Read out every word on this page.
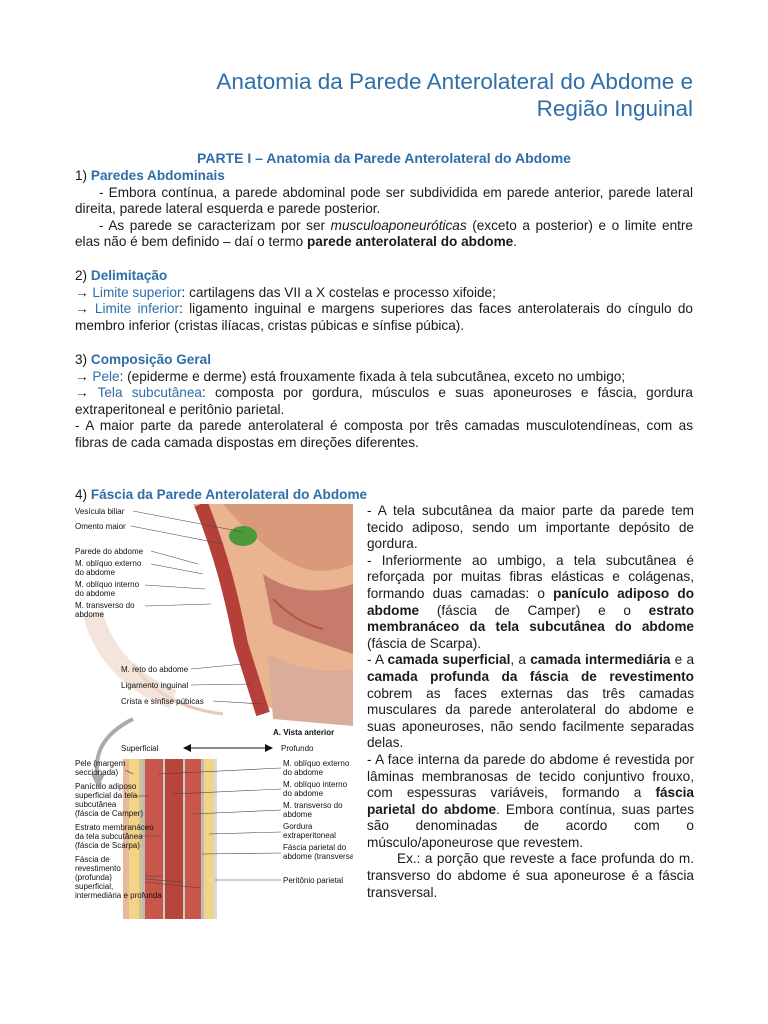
Anatomia da Parede Anterolateral do Abdome e
Região Inguinal
PARTE I – Anatomia da Parede Anterolateral do Abdome
1) Paredes Abdominais
- Embora contínua, a parede abdominal pode ser subdividida em parede anterior, parede lateral direita, parede lateral esquerda e parede posterior.
- As parede se caracterizam por ser musculoaponeuróticas (exceto a posterior) e o limite entre elas não é bem definido – daí o termo parede anterolateral do abdome.
2) Delimitação
→ Limite superior: cartilagens das VII a X costelas e processo xifoide;
→ Limite inferior: ligamento inguinal e margens superiores das faces anterolaterais do cíngulo do membro inferior (cristas ilíacas, cristas púbicas e sínfise púbica).
3) Composição Geral
→ Pele: (epiderme e derme) está frouxamente fixada à tela subcutânea, exceto no umbigo;
→ Tela subcutânea: composta por gordura, músculos e suas aponeuroses e fáscia, gordura extraperitoneal e peritônio parietal.
- A maior parte da parede anterolateral é composta por três camadas musculotendíneas, com as fibras de cada camada dispostas em direções diferentes.
4) Fáscia da Parede Anterolateral do Abdome
Vesícula biliar
Omento maior
Parede do abdome
M. oblíquo externo
do abdome
M. oblíquo interno
do abdome
M. transverso do
abdome
M. reto do abdome
Ligamento inguinal
Crista e sínfise púbicas
A. Vista anterior
Superficial	Profundo
Pele (margem
seccionada)
Panículo adiposo
superficial da tela
subcutânea
(fáscia de Camper)
Estrato membranáceo
da tela subcutânea
(fáscia de Scarpa)
Fáscia de
revestimento
(profunda)
superficial,
intermediária e profunda
M. oblíquo externo
do abdome
M. oblíquo interno
do abdome
M. transverso do
abdome
Gordura
extraperitoneal
Fáscia parietal do
abdome (transversal)
Peritônio parietal
- A tela subcutânea da maior parte da parede tem tecido adiposo, sendo um importante depósito de gordura.
- Inferiormente ao umbigo, a tela subcutânea é reforçada por muitas fibras elásticas e colágenas, formando duas camadas: o panículo adiposo do abdome (fáscia de Camper) e o estrato membranáceo da tela subcutânea do abdome (fáscia de Scarpa).
- A camada superficial, a camada intermediária e a camada profunda da fáscia de revestimento cobrem as faces externas das três camadas musculares da parede anterolateral do abdome e suas aponeuroses, não sendo facilmente separadas delas.
- A face interna da parede do abdome é revestida por lâminas membranosas de tecido conjuntivo frouxo, com espessuras variáveis, formando a fáscia parietal do abdome. Embora contínua, suas partes são denominadas de acordo com o músculo/aponeurose que revestem.
Ex.: a porção que reveste a face profunda do m. transverso do abdome é sua aponeurose é a fáscia transversal.
